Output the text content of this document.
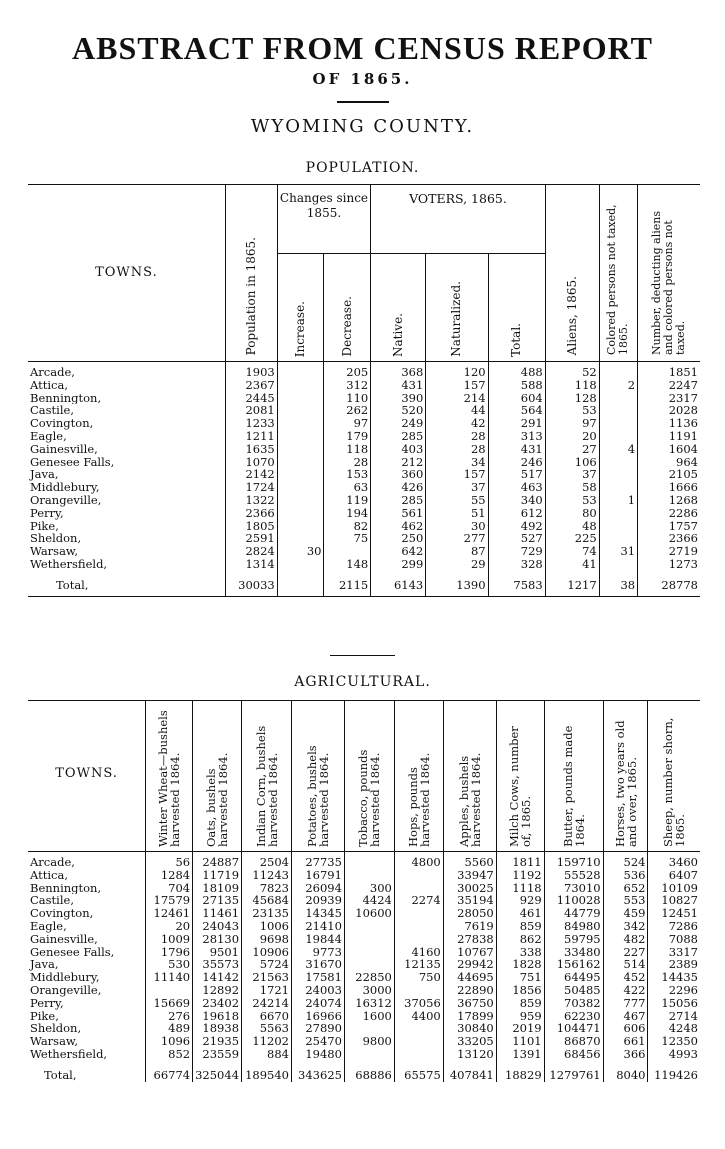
ABSTRACT FROM CENSUS REPORT
OF 1865.
WYOMING COUNTY.
POPULATION.
TOWNS.	Population in 1865.	Changes since 1855.		VOTERS, 1865.			Aliens, 1865.	Colored persons not taxed, 1865.	Number, deducting aliens and colored persons not taxed.

		Increase.	Decrease.	Native.	Naturalized.	Total.			

Arcade,	1903		205	368	120	488	52		1851
Attica,	2367		312	431	157	588	118	2	2247
Bennington,	2445		110	390	214	604	128		2317
Castile,	2081		262	520	44	564	53		2028
Covington,	1233		97	249	42	291	97		1136
Eagle,	1211		179	285	28	313	20		1191
Gainesville,	1635		118	403	28	431	27	4	1604
Genesee Falls,	1070		28	212	34	246	106		964
Java,	2142		153	360	157	517	37		2105
Middlebury,	1724		63	426	37	463	58		1666
Orangeville,	1322		119	285	55	340	53	1	1268
Perry,	2366		194	561	51	612	80		2286
Pike,	1805		82	462	30	492	48		1757
Sheldon,	2591		75	250	277	527	225		2366
Warsaw,	2824	30		642	87	729	74	31	2719
Wethersfield,	1314		148	299	29	328	41		1273
Total,	30033		2115	6143	1390	7583	1217	38	28778
AGRICULTURAL.
TOWNS.	Winter Wheat—bushels harvested 1864.	Oats, bushels harvested 1864.	Indian Corn, bushels harvested 1864.	Potatoes, bushels harvested 1864.	Tobacco, pounds harvested 1864.	Hops, pounds harvested 1864.	Apples, bushels harvested 1864.	Milch Cows, number of, 1865.	Butter, pounds made 1864.	Horses, two years old and over, 1865.	Sheep, number shorn, 1865.

Arcade,	56	24887	2504	27735		4800	5560	1811	159710	524	3460
Attica,	1284	11719	11243	16791			33947	1192	55528	536	6407
Bennington,	704	18109	7823	26094	300		30025	1118	73010	652	10109
Castile,	17579	27135	45684	20939	4424	2274	35194	929	110028	553	10827
Covington,	12461	11461	23135	14345	10600		28050	461	44779	459	12451
Eagle,	20	24043	1006	21410			7619	859	84980	342	7286
Gainesville,	1009	28130	9698	19844			27838	862	59795	482	7088
Genesee Falls,	1796	9501	10906	9773		4160	10767	338	33480	227	3317
Java,	530	35573	5724	31670		12135	29942	1828	156162	514	2389
Middlebury,	11140	14142	21563	17581	22850	750	44695	751	64495	452	14435
Orangeville,		12892	1721	24003	3000		22890	1856	50485	422	2296
Perry,	15669	23402	24214	24074	16312	37056	36750	859	70382	777	15056
Pike,	276	19618	6670	16966	1600	4400	17899	959	62230	467	2714
Sheldon,	489	18938	5563	27890			30840	2019	104471	606	4248
Warsaw,	1096	21935	11202	25470	9800		33205	1101	86870	661	12350
Wethersfield,	852	23559	884	19480			13120	1391	68456	366	4993
Total,	66774	325044	189540	343625	68886	65575	407841	18829	1279761	8040	119426
